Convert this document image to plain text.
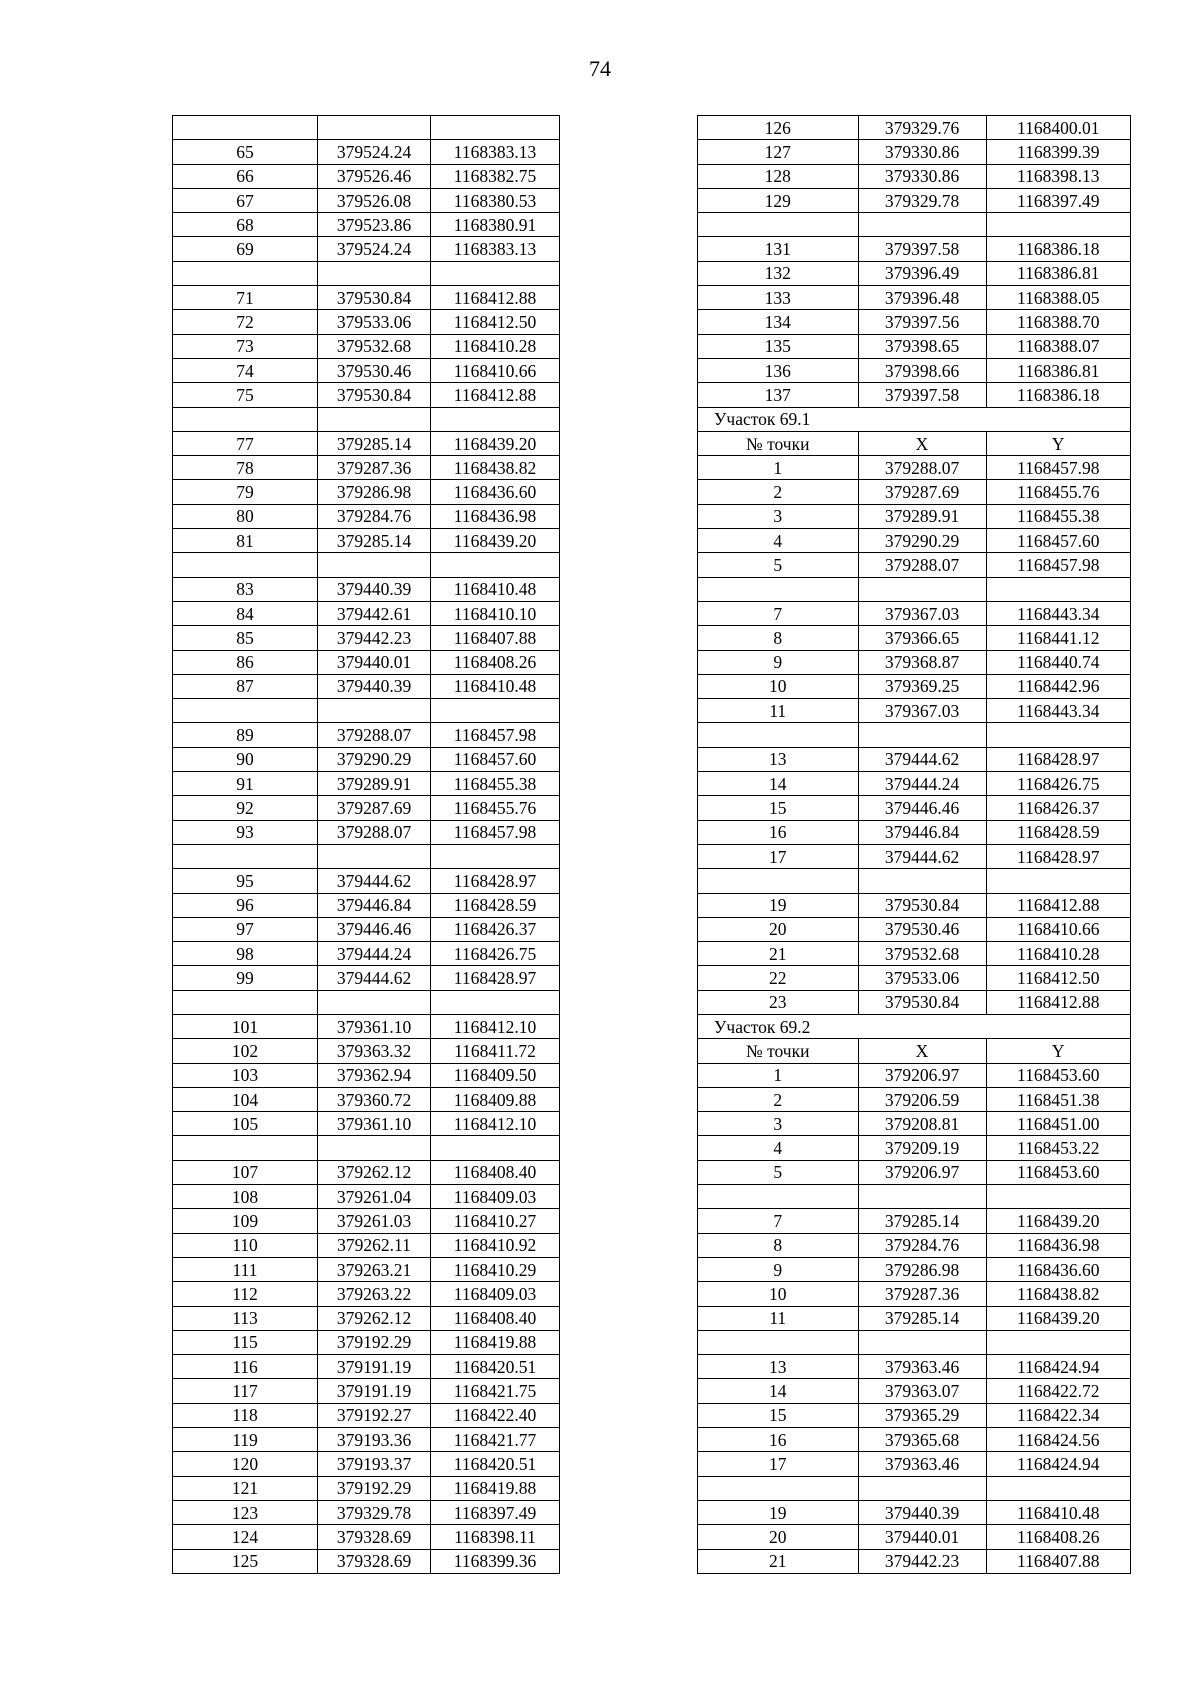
74

65	379524.24	1168383.13
66	379526.46	1168382.75
67	379526.08	1168380.53
68	379523.86	1168380.91
69	379524.24	1168383.13

71	379530.84	1168412.88
72	379533.06	1168412.50
73	379532.68	1168410.28
74	379530.46	1168410.66
75	379530.84	1168412.88

77	379285.14	1168439.20
78	379287.36	1168438.82
79	379286.98	1168436.60
80	379284.76	1168436.98
81	379285.14	1168439.20

83	379440.39	1168410.48
84	379442.61	1168410.10
85	379442.23	1168407.88
86	379440.01	1168408.26
87	379440.39	1168410.48

89	379288.07	1168457.98
90	379290.29	1168457.60
91	379289.91	1168455.38
92	379287.69	1168455.76
93	379288.07	1168457.98

95	379444.62	1168428.97
96	379446.84	1168428.59
97	379446.46	1168426.37
98	379444.24	1168426.75
99	379444.62	1168428.97

101	379361.10	1168412.10
102	379363.32	1168411.72
103	379362.94	1168409.50
104	379360.72	1168409.88
105	379361.10	1168412.10

107	379262.12	1168408.40
108	379261.04	1168409.03
109	379261.03	1168410.27
110	379262.11	1168410.92
111	379263.21	1168410.29
112	379263.22	1168409.03
113	379262.12	1168408.40
115	379192.29	1168419.88
116	379191.19	1168420.51
117	379191.19	1168421.75
118	379192.27	1168422.40
119	379193.36	1168421.77
120	379193.37	1168420.51
121	379192.29	1168419.88
123	379329.78	1168397.49
124	379328.69	1168398.11
125	379328.69	1168399.36
126	379329.76	1168400.01
127	379330.86	1168399.39
128	379330.86	1168398.13
129	379329.78	1168397.49

131	379397.58	1168386.18
132	379396.49	1168386.81
133	379396.48	1168388.05
134	379397.56	1168388.70
135	379398.65	1168388.07
136	379398.66	1168386.81
137	379397.58	1168386.18
Участок 69.1		
№ точки	X	Y
1	379288.07	1168457.98
2	379287.69	1168455.76
3	379289.91	1168455.38
4	379290.29	1168457.60
5	379288.07	1168457.98

7	379367.03	1168443.34
8	379366.65	1168441.12
9	379368.87	1168440.74
10	379369.25	1168442.96
11	379367.03	1168443.34

13	379444.62	1168428.97
14	379444.24	1168426.75
15	379446.46	1168426.37
16	379446.84	1168428.59
17	379444.62	1168428.97

19	379530.84	1168412.88
20	379530.46	1168410.66
21	379532.68	1168410.28
22	379533.06	1168412.50
23	379530.84	1168412.88
Участок 69.2		
№ точки	X	Y
1	379206.97	1168453.60
2	379206.59	1168451.38
3	379208.81	1168451.00
4	379209.19	1168453.22
5	379206.97	1168453.60

7	379285.14	1168439.20
8	379284.76	1168436.98
9	379286.98	1168436.60
10	379287.36	1168438.82
11	379285.14	1168439.20

13	379363.46	1168424.94
14	379363.07	1168422.72
15	379365.29	1168422.34
16	379365.68	1168424.56
17	379363.46	1168424.94

19	379440.39	1168410.48
20	379440.01	1168408.26
21	379442.23	1168407.88
